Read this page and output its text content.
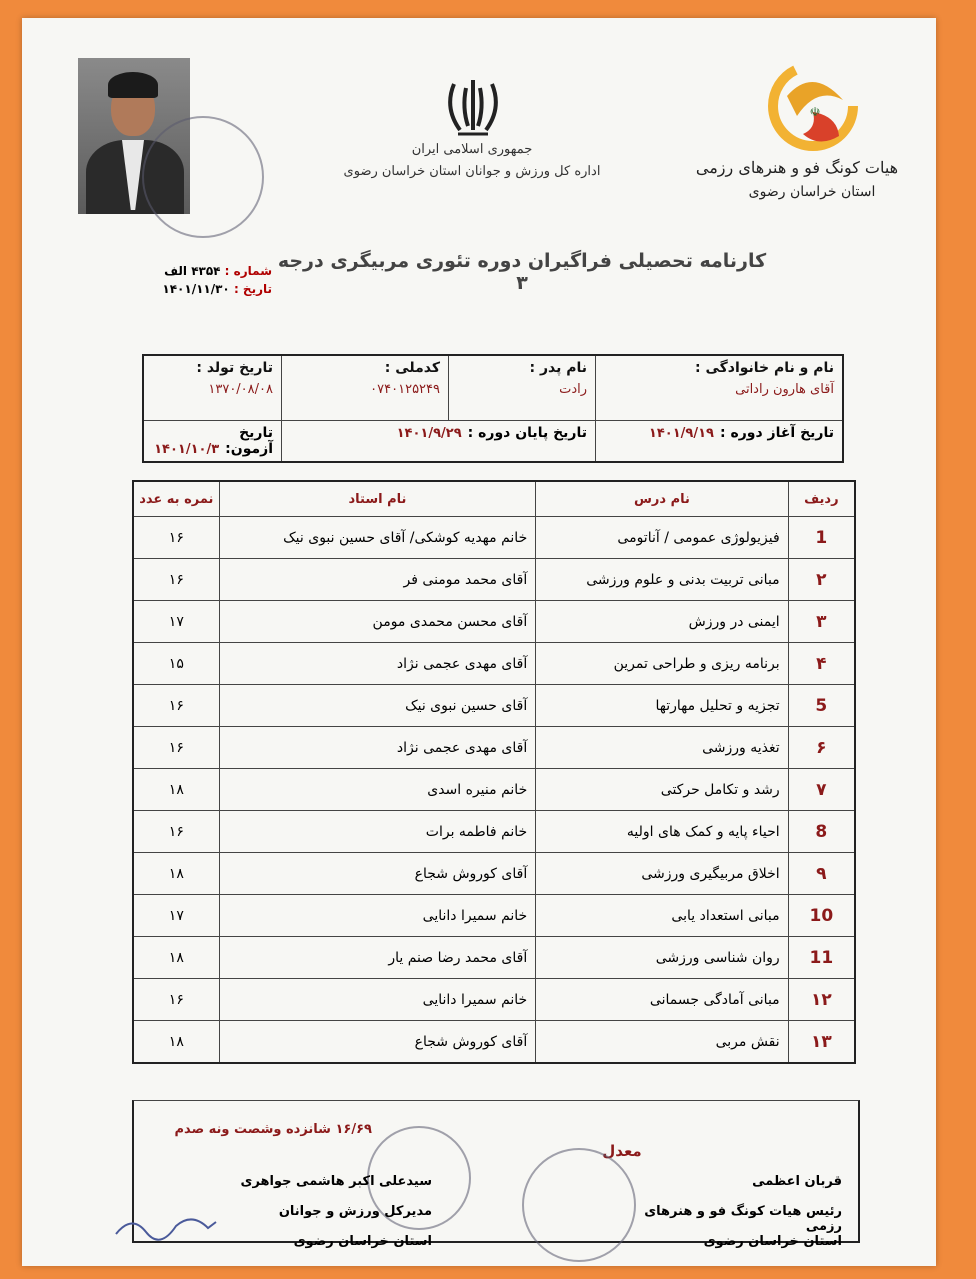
جمهوری اسلامی ایران
اداره کل ورزش و جوانان استان خراسان رضوی
☫
هیات کونگ فو و هنرهای رزمی
استان خراسان رضوی
کارنامه تحصیلی فراگیران دوره تئوری مربیگری درجه ۳
شماره : ۴۳۵۴ الف
تاریخ : ۱۴۰۱/۱۱/۳۰
نام و نام خانوادگی :
آقای هارون راداتی	نام پدر :
رادت	کدملی :
۰۷۴۰۱۲۵۲۴۹	تاریخ تولد :
۱۳۷۰/۰۸/۰۸

تاریخ آغاز دوره :۱۴۰۱/۹/۱۹	تاریخ پایان دوره :۱۴۰۱/۹/۲۹		تاریخ آزمون:۱۴۰۱/۱۰/۳
ردیف	نام درس	نام استاد	نمره به عدد
1	فیزیولوژی عمومی / آناتومی	خانم مهدیه کوشکی/ آقای حسین نبوی نیک	۱۶
۲	مبانی تربیت بدنی و علوم ورزشی	آقای محمد مومنی فر	۱۶
۳	ایمنی در ورزش	آقای محسن محمدی مومن	۱۷
۴	برنامه ریزی و طراحی تمرین	آقای مهدی عجمی نژاد	۱۵
5	تجزیه و تحلیل مهارتها	آقای حسین نبوی نیک	۱۶
۶	تغذیه ورزشی	آقای مهدی عجمی نژاد	۱۶
۷	رشد و تکامل حرکتی	خانم منیره اسدی	۱۸
8	احیاء پایه و کمک های اولیه	خانم فاطمه برات	۱۶
۹	اخلاق مربیگیری ورزشی	آقای کوروش شجاع	۱۸
10	مبانی استعداد یابی	خانم سمیرا دانایی	۱۷
11	روان شناسی ورزشی	آقای محمد رضا صنم یار	۱۸
۱۲	مبانی آمادگی جسمانی	خانم سمیرا دانایی	۱۶
۱۳	نقش مربی	آقای کوروش شجاع	۱۸
۱۶/۶۹ شانزده وشصت ونه صدم
معدل
سیدعلی اکبر هاشمی جواهری
مدیرکل ورزش و جوانان
استان خراسان رضوی
قربان اعظمی
رئیس هیات کونگ فو و هنرهای رزمی
استان خراسان رضوی
